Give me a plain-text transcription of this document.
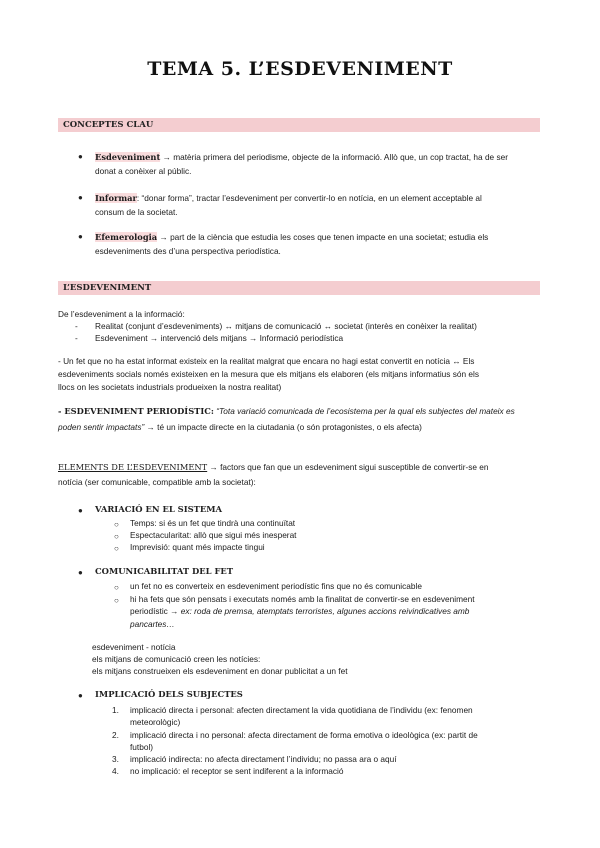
TEMA 5. L’ESDEVENIMENT
CONCEPTES CLAU
● Esdeveniment → matèria primera del periodisme, objecte de la informació. Allò que, un cop tractat, ha de ser
donat a conèixer al públic.
● Informar: “donar forma”, tractar l’esdeveniment per convertir-lo en notícia, en un element acceptable al
consum de la societat.
● Efemerologia → part de la ciència que estudia les coses que tenen impacte en una societat; estudia els
esdeveniments des d’una perspectiva periodística.
L’ESDEVENIMENT
De l’esdeveniment a la informació:
- Realitat (conjunt d’esdeveniments) ↔ mitjans de comunicació ↔ societat (interès en conèixer la realitat)
- Esdeveniment → intervenció dels mitjans → Informació periodística
- Un fet que no ha estat informat existeix en la realitat malgrat que encara no hagi estat convertit en notícia ↔ Els
esdeveniments socials només existeixen en la mesura que els mitjans els elaboren (els mitjans informatius són els
llocs on les societats industrials produeixen la nostra realitat)
- ESDEVENIMENT PERIODÍSTIC: “Tota variació comunicada de l’ecosistema per la qual els subjectes del mateix es
poden sentir impactats” → té un impacte directe en la ciutadania (o són protagonistes, o els afecta)
ELEMENTS DE L’ESDEVENIMENT → factors que fan que un esdeveniment sigui susceptible de convertir-se en
notícia (ser comunicable, compatible amb la societat):
● VARIACIÓ EN EL SISTEMA
○ Temps: si és un fet que tindrà una continuïtat
○ Espectacularitat: allò que sigui més inesperat
○ Imprevisió: quant més impacte tingui
● COMUNICABILITAT DEL FET
○ un fet no es converteix en esdeveniment periodístic fins que no és comunicable
○ hi ha fets que són pensats i executats només amb la finalitat de convertir-se en esdeveniment
periodístic → ex: roda de premsa, atemptats terroristes, algunes accions reivindicatives amb
pancartes…
esdeveniment - notícia
els mitjans de comunicació creen les notícies:
els mitjans construeixen els esdeveniment en donar publicitat a un fet
● IMPLICACIÓ DELS SUBJECTES
1. implicació directa i personal: afecten directament la vida quotidiana de l’individu (ex: fenomen
meteorològic)
2. implicació directa i no personal: afecta directament de forma emotiva o ideològica (ex: partit de
futbol)
3. implicació indirecta: no afecta directament l’individu; no passa ara o aquí
4. no implicació: el receptor se sent indiferent a la informació
